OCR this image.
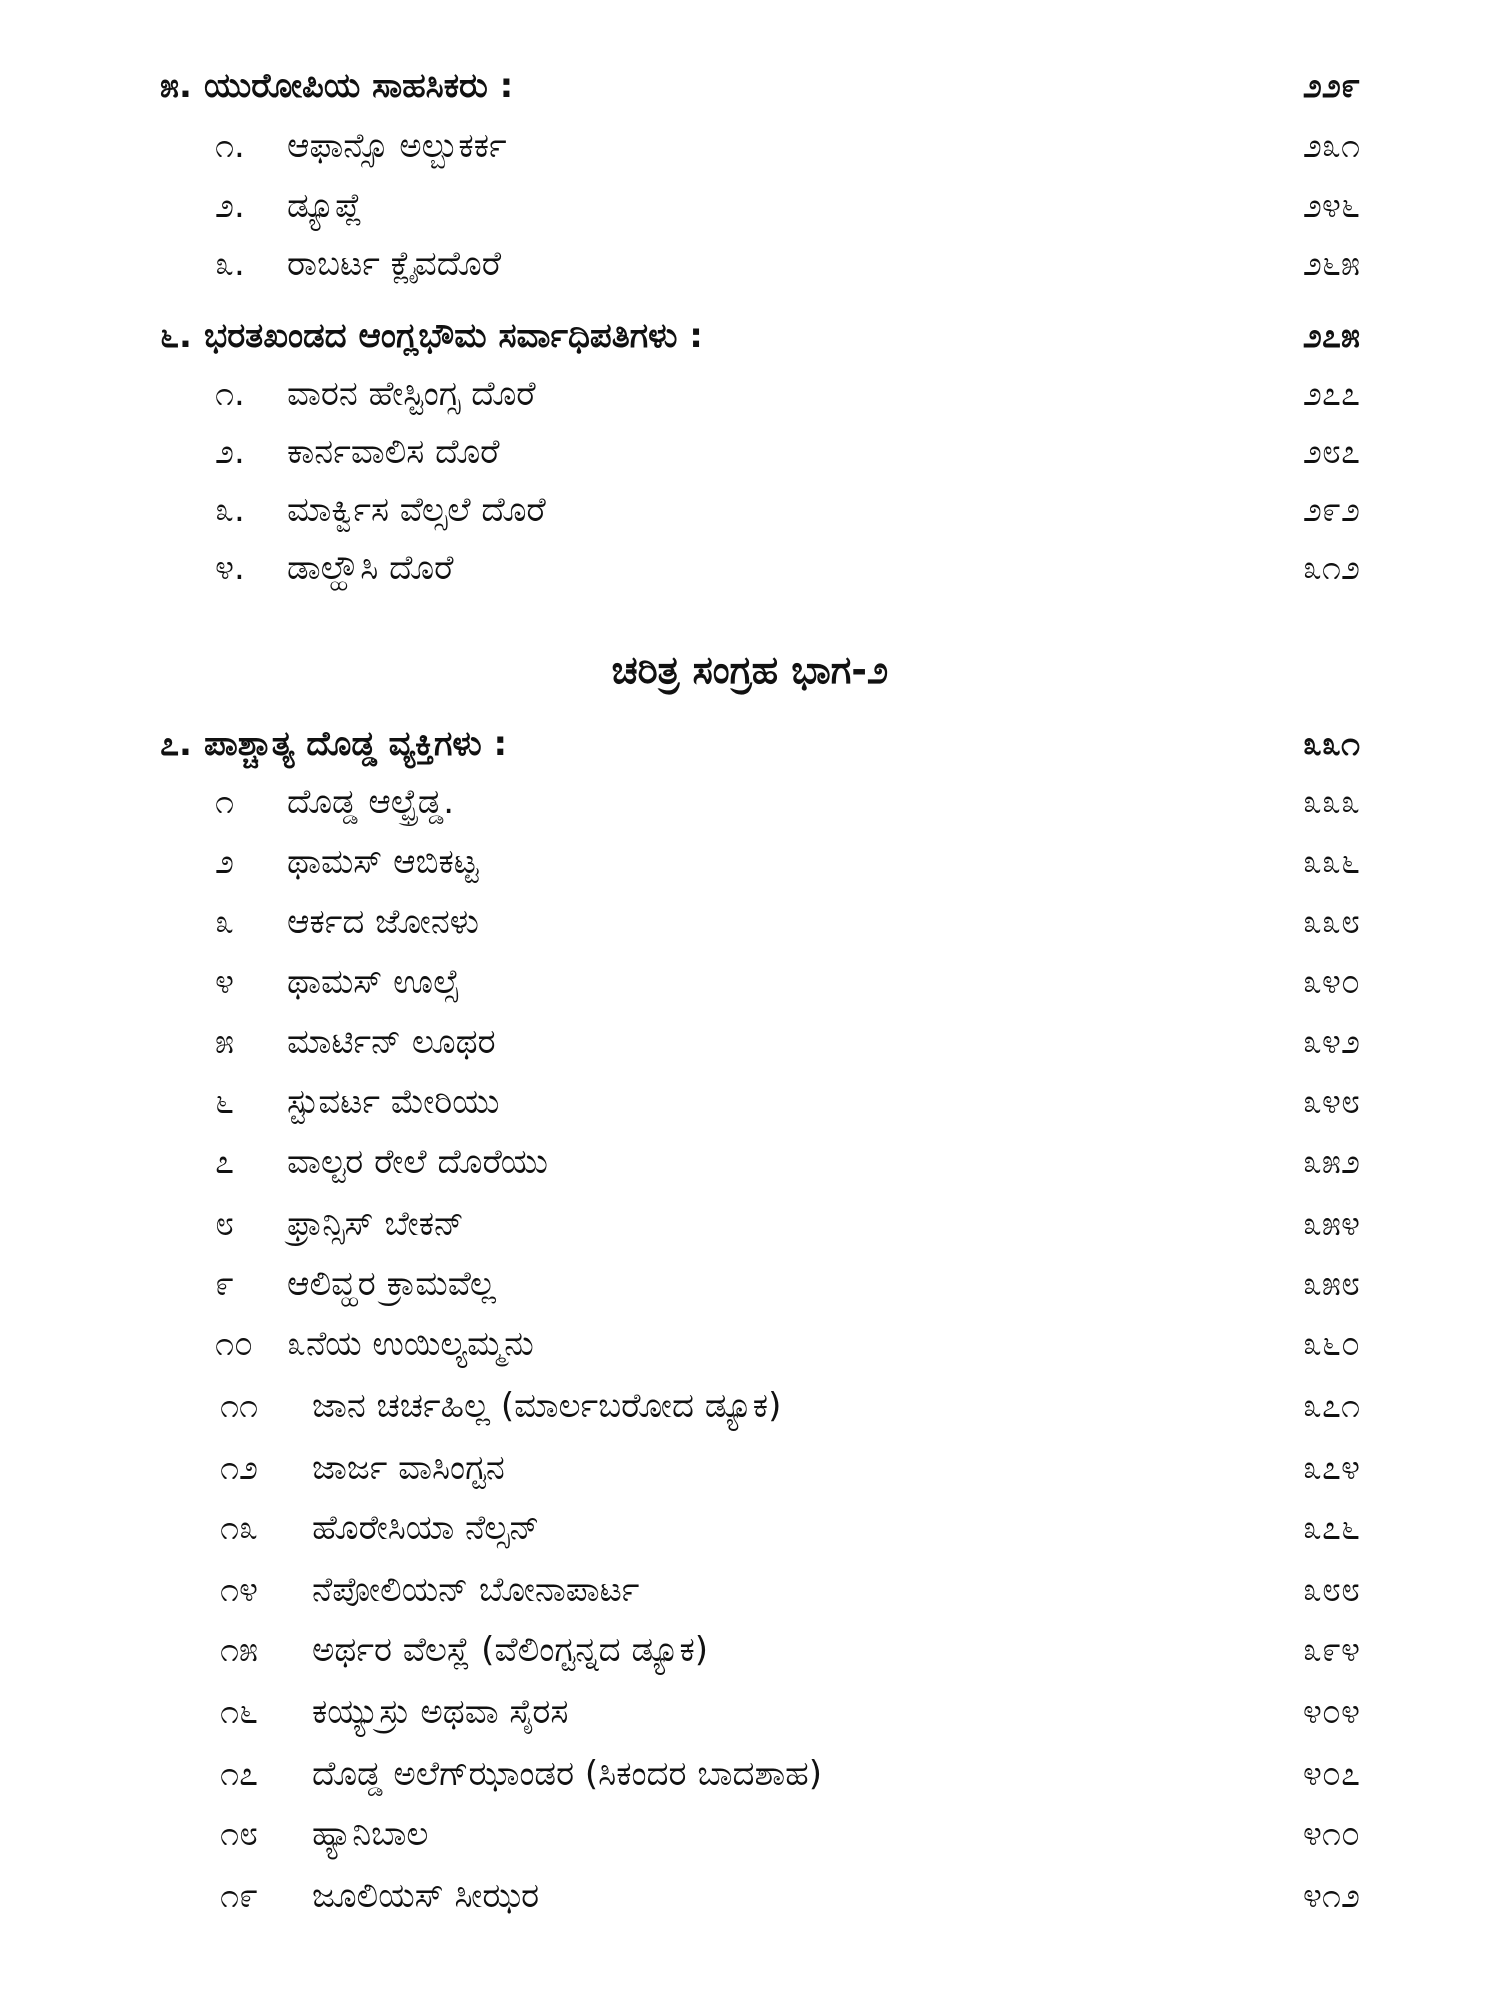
೫. ಯುರೋಪಿಯ ಸಾಹಸಿಕರು :	೨೨೯
೧. ಆಫಾನ್ಸೊ ಅಲ್ಬುಕರ್ಕ	೨೩೧
೨. ಡ್ಯೂಪ್ಲೆ	೨೪೬
೩. ರಾಬರ್ಟ ಕ್ಲೈವದೊರೆ	೨೬೫
೬. ಭರತಖಂಡದ ಆಂಗ್ಲಭೌಮ ಸರ್ವಾಧಿಪತಿಗಳು :	೨೭೫
೧. ವಾರನ ಹೇಸ್ಟಿಂಗ್ಸ ದೊರೆ	೨೭೭
೨. ಕಾರ್ನವಾಲಿಸ ದೊರೆ	೨೮೭
೩. ಮಾರ್ಕ್ವಿಸ ವೆಲ್ಸಲೆ ದೊರೆ	೨೯೨
೪. ಡಾಲ್ಹೌಸಿ ದೊರೆ	೩೧೨
ಚರಿತ್ರ ಸಂಗ್ರಹ ಭಾಗ-೨
೭. ಪಾಶ್ಚಾತ್ಯ ದೊಡ್ಡ ವ್ಯಕ್ತಿಗಳು :	೩೩೧
೧ ದೊಡ್ಡ ಆಲ್ಫ್ರೆಡ್ಡ.	೩೩೩
೨ ಥಾಮಸ್ ಆಬಿಕಟ್ಟ	೩೩೬
೩ ಆರ್ಕದ ಜೋನಳು	೩೩೮
೪ ಥಾಮಸ್ ಊಲ್ಸೆ	೩೪೦
೫ ಮಾರ್ಟಿನ್ ಲೂಥರ	೩೪೨
೬ ಸ್ಟುವರ್ಟ ಮೇರಿಯು	೩೪೮
೭ ವಾಲ್ಟರ ರೇಲೆ ದೊರೆಯು	೩೫೨
೮ ಫ್ರಾನ್ಸಿಸ್ ಬೇಕನ್	೩೫೪
೯ ಆಲಿವ್ಹರ ಕ್ರಾಮವೆಲ್ಲ	೩೫೮
೧೦ ೩ನೆಯ ಉಯಿಲ್ಯಮ್ಮನು	೩೬೦
೧೧ ಜಾನ ಚರ್ಚಹಿಲ್ಲ (ಮಾರ್ಲಬರೋದ ಡ್ಯೂಕ)	೩೭೧
೧೨ ಜಾರ್ಜ ವಾಸಿಂಗ್ಟನ	೩೭೪
೧೩ ಹೊರೇಸಿಯಾ ನೆಲ್ಸನ್	೩೭೬
೧೪ ನೆಪೋಲಿಯನ್ ಬೋನಾಪಾರ್ಟ	೩೮೮
೧೫ ಅರ್ಥರ ವೆಲಸ್ಲೆ (ವೆಲಿಂಗ್ಟನ್ನದ ಡ್ಯೂಕ)	೩೯೪
೧೬ ಕಯ್ಯುಸ್ರು ಅಥವಾ ಸೈರಸ	೪೦೪
೧೭ ದೊಡ್ಡ ಅಲೆಗ್‌ಝಾಂಡರ (ಸಿಕಂದರ ಬಾದಶಾಹ)	೪೦೭
೧೮ ಹ್ಯಾನಿಬಾಲ	೪೧೦
೧೯ ಜೂಲಿಯಸ್ ಸೀಝರ	೪೧೨
